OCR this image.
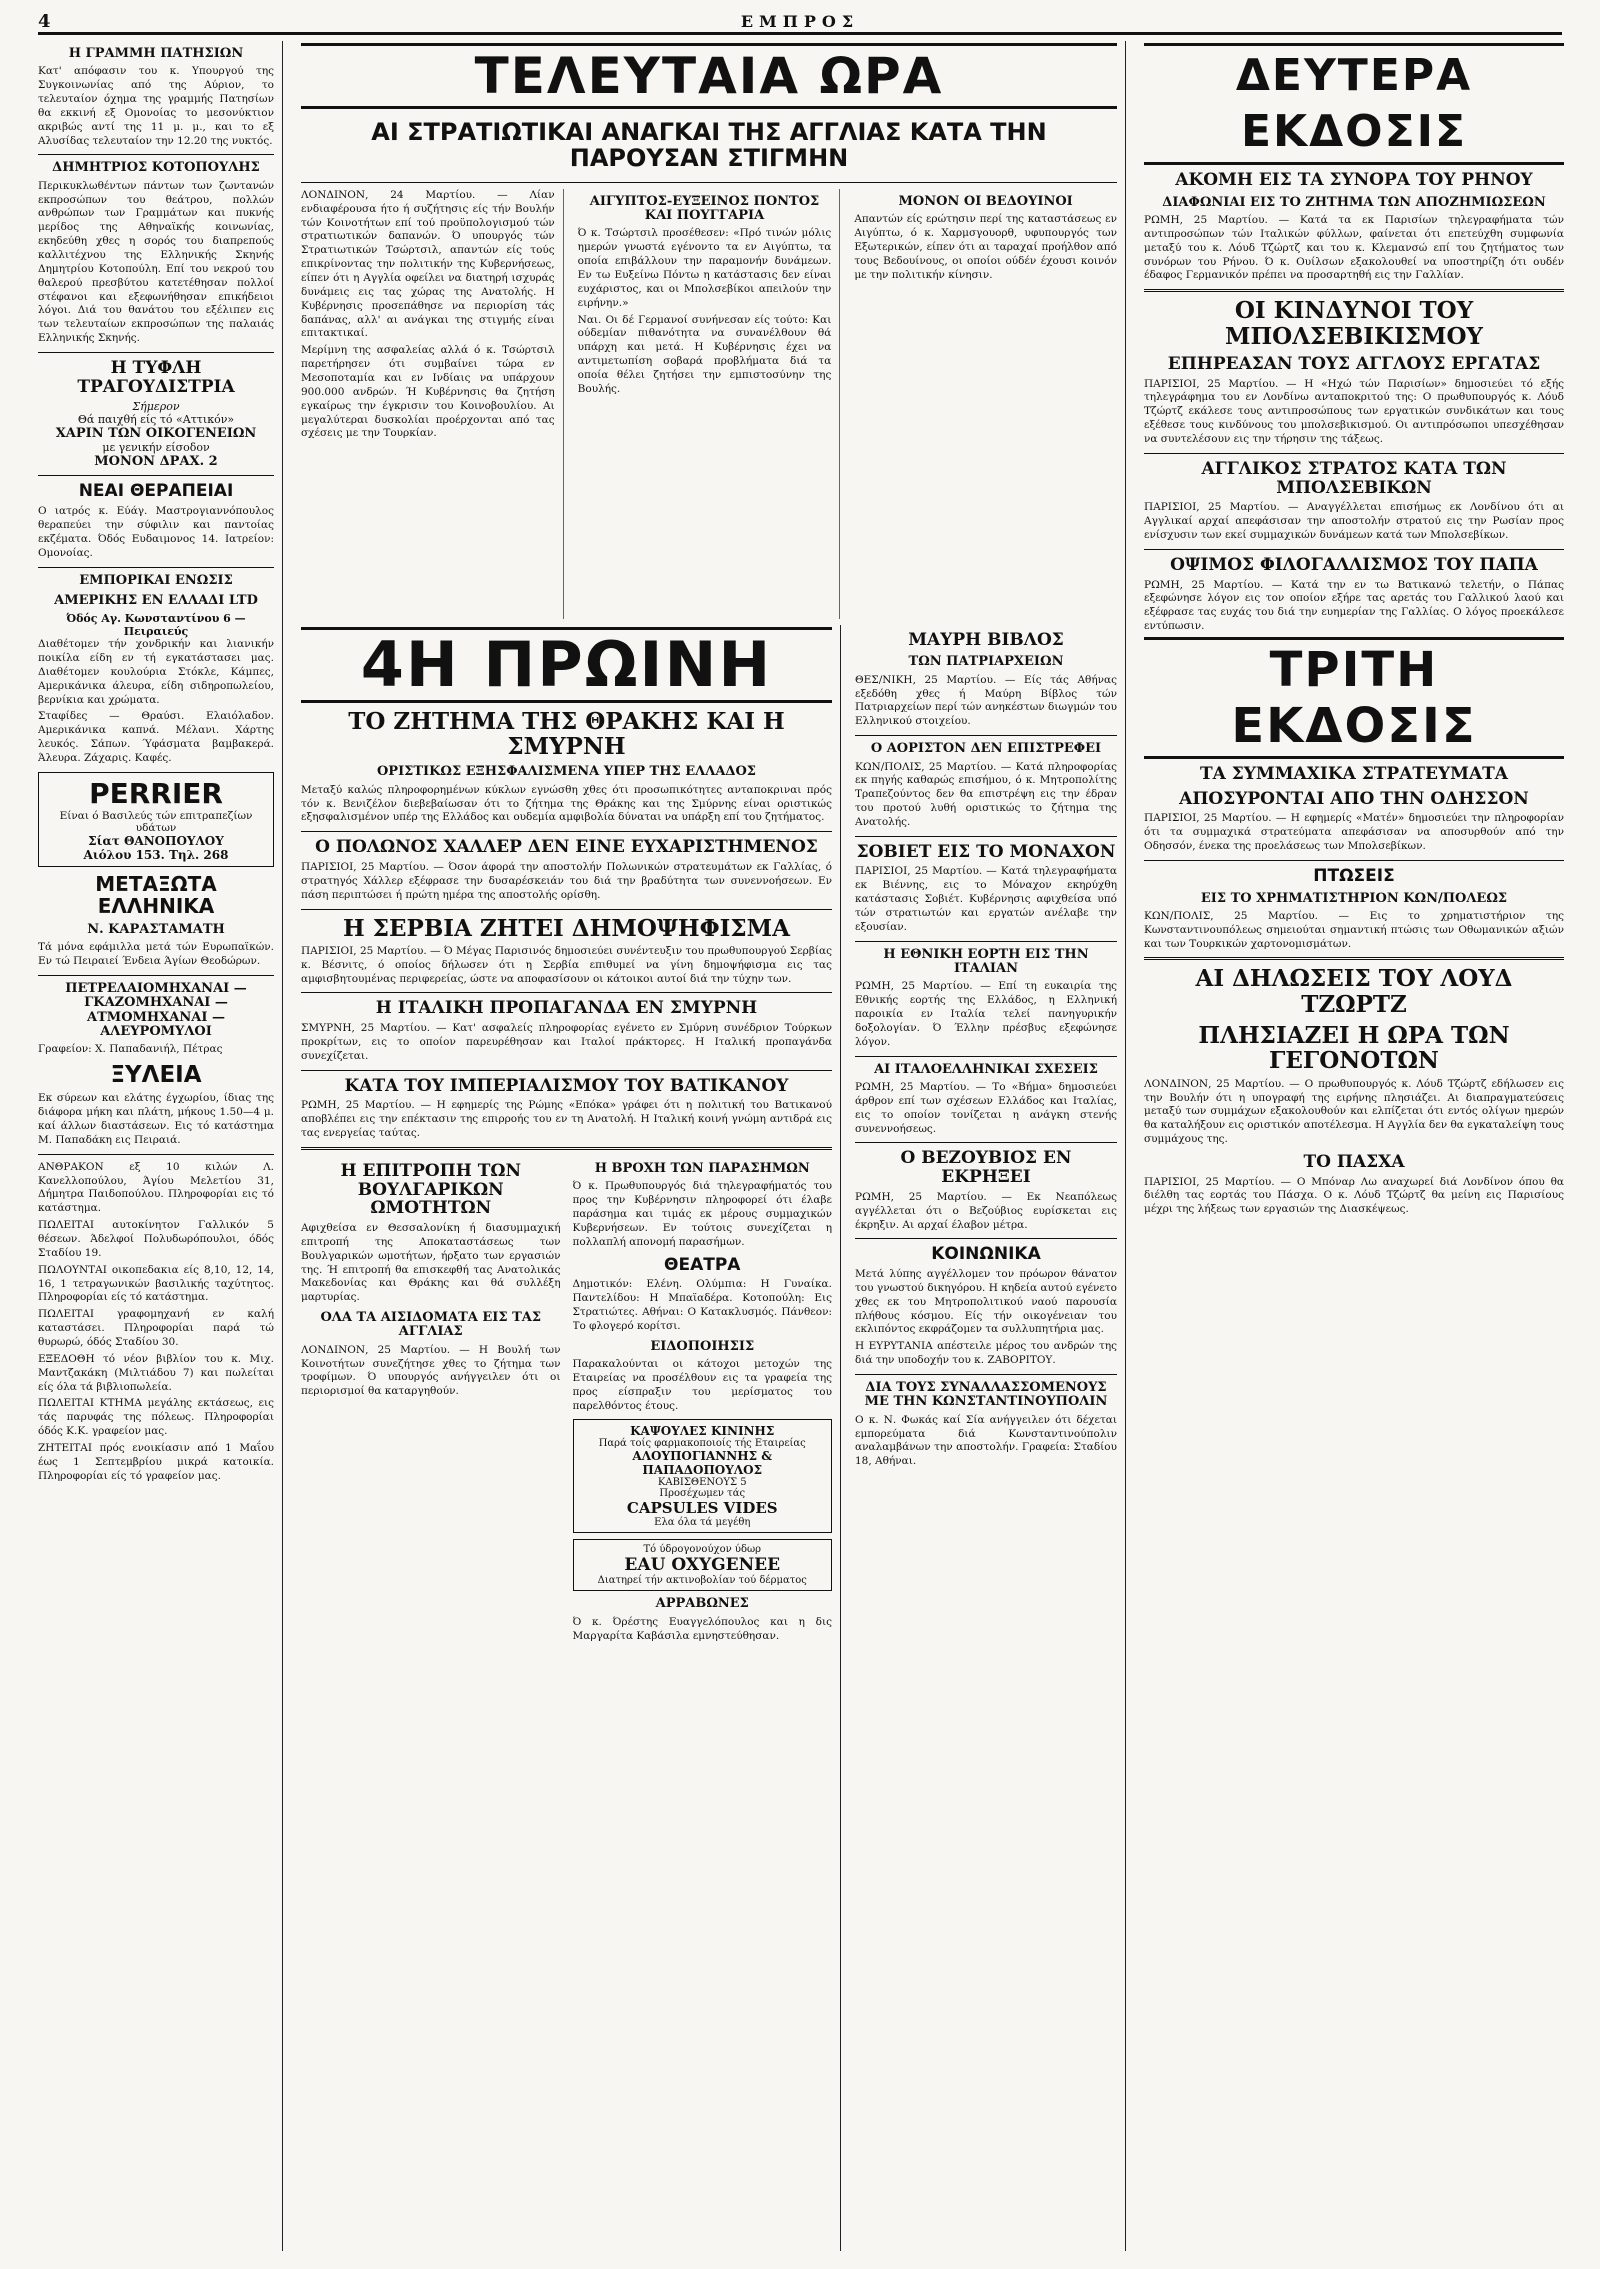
4	ΕΜΠΡΟΣ
Η ΓΡΑΜΜΗ ΠΑΤΗΣΙΩΝ

Κατ' απόφασιν του κ. Υπουργού της Συγκοινωνίας από της Αύριον, το τελευταίον όχημα της γραμμής Πατησίων θα εκκινή εξ Ομονοίας το μεσονύκτιον ακριβώς αντί της 11 μ. μ., και το εξ Αλυσίδας τελευταίον την 12.20 της νυκτός.

ΔΗΜΗΤΡΙΟΣ ΚΟΤΟΠΟΥΛΗΣ

Περικυκλωθέντων πάντων των ζωντανών εκπροσώπων του θεάτρου, πολλών ανθρώπων των Γραμμάτων και πυκνής μερίδος της Αθηναϊκής κοινωνίας, εκηδεύθη χθες η σορός του διαπρεπούς καλλιτέχνου της Ελληνικής Σκηνής Δημητρίου Κοτοπούλη. Επί του νεκρού του θαλερού πρεσβύτου κατετέθησαν πολλοί στέφανοι και εξεφωνήθησαν επικήδειοι λόγοι. Διά του θανάτου του εξέλιπεν εις των τελευταίων εκπροσώπων της παλαιάς Ελληνικής Σκηνής.

Η ΤΥΦΛΗ ΤΡΑΓΟΥΔΙΣΤΡΙΑ
Σήμερον
Θά παιχθή είς τό «Αττικόν»
ΧΑΡΙΝ ΤΩΝ ΟΙΚΟΓΕΝΕΙΩΝ
με γενικήν είσοδον
ΜΟΝΟΝ ΔΡΑΧ. 2
ΝΕΑΙ ΘΕΡΑΠΕΙΑΙ

Ο ιατρός κ. Εύάγ. Μαστρογιαννόπουλος θεραπεύει την σύφιλιν και παντοίας εκζέματα. Όδός Ευδαιμονος 14. Ιατρείον: Ομονοίας.

ΕΜΠΟΡΙΚΑΙ ΕΝΩΣΙΣ
ΑΜΕΡΙΚΗΣ ΕΝ ΕΛΛΑΔΙ LTD
Όδός Αγ. Κωνσταντίνου 6 — Πειραιεύς

Διαθέτομεν τήν χονδρικήν και λιανικήν ποικίλα είδη εν τή εγκατάστασει μας. Διαθέτομεν κουλούρια Στόκλε, Κάμπες, Αμερικάνικα άλευρα, είδη σιδηροπωλείου, βερνίκια και χρώματα.

Σταφίδες — Θραύσι. Ελαιόλαδον. Αμερικάνικα καπνά. Μέλανι. Χάρτης λευκός. Σάπων. Ύφάσματα βαμβακερά. Άλευρα. Ζάχαρις. Καφές.

PERRIER
Είναι ό Βασιλεύς τών επιτραπεζίων υδάτων
Σίατ ΘΑΝΟΠΟΥΛΟΥ
Αιόλου 153. Τηλ. 268
ΜΕΤΑΞΩΤΑ ΕΛΛΗΝΙΚΑ
Ν. ΚΑΡΑΣΤΑΜΑΤΗ

Τά μόνα εφάμιλλα μετά τών Ευρωπαϊκών. Εν τώ Πειραιεί Ένδεια Άγίων Θεοδώρων.

ΠΕΤΡΕΛΑΙΟΜΗΧΑΝΑΙ — ΓΚΑΖΟΜΗΧΑΝΑΙ — ΑΤΜΟΜΗΧΑΝΑΙ — ΑΛΕΥΡΟΜΥΛΟΙ

Γραφείον: Χ. Παπαδανιήλ, Πέτρας

ΞΥΛΕΙΑ

Εκ σύρεων και ελάτης έγχωρίου, ίδιας της διάφορα μήκη και πλάτη, μήκους 1.50—4 μ. καί άλλων διαστάσεων. Εις τό κατάστημα Μ. Παπαδάκη εις Πειραιά.

ΑΝΘΡΑΚΟΝ εξ 10 κιλών Λ. Κανελλοπούλου, Άγίου Μελετίου 31, Δήμητρα Παιδοπούλου. Πληροφορίαι εις τό κατάστημα.

ΠΩΛΕΙΤΑΙ αυτοκίνητον Γαλλικόν 5 θέσεων. Άδελφοί Πολυδωρόπουλοι, όδός Σταδίου 19.

ΠΩΛΟΥΝΤΑΙ οικοπεδακια είς 8,10, 12, 14, 16, 1 τετραγωνικών βασιλικής ταχύτητος. Πληροφορίαι είς τό κατάστημα.

ΠΩΛΕΙΤΑΙ γραφομηχανή εν καλή καταστάσει. Πληροφορίαι παρά τώ θυρωρώ, όδός Σταδίου 30.

ΕΞΕΔΟΘΗ τό νέον βιβλίον του κ. Μιχ. Μαντζακάκη (Μιλτιάδου 7) και πωλείται είς όλα τά βιβλιοπωλεία.

ΠΩΛΕΙΤΑΙ ΚΤΗΜΑ μεγάλης εκτάσεως, εις τάς παρυφάς της πόλεως. Πληροφορίαι όδός Κ.Κ. γραφείον μας.

ΖΗΤΕΙΤΑΙ πρός ενοικίασιν από 1 Μαΐου έως 1 Σεπτεμβρίου μικρά κατοικία. Πληροφορίαι είς τό γραφείον μας.

ΤΕΛΕΥΤΑΙΑ ΩΡΑ
ΑΙ ΣΤΡΑΤΙΩΤΙΚΑΙ ΑΝΑΓΚΑΙ ΤΗΣ ΑΓΓΛΙΑΣ ΚΑΤΑ ΤΗΝ ΠΑΡΟΥΣΑΝ ΣΤΙΓΜΗΝ

ΛΟΝΔΙΝΟΝ, 24 Μαρτίου. — Λίαν ενδιαφέρουσα ήτο ή συζήτησις είς τήν Βουλήν τών Κοινοτήτων επί τού προϋπολογισμού τών στρατιωτικών δαπανών. Ό υπουργός τών Στρατιωτικών Τσώρτσιλ, απαντών είς τούς επικρίνοντας την πολιτικήν της Κυβερνήσεως, είπεν ότι η Αγγλία οφείλει να διατηρή ισχυράς δυνάμεις εις τας χώρας της Ανατολής. Η Κυβέρνησις προσεπάθησε να περιορίση τάς δαπάνας, αλλ' αι ανάγκαι της στιγμής είναι επιτακτικαί.

Μερίμνη της ασφαλείας αλλά ό κ. Τσώρτσιλ παρετήρησεν ότι συμβαίνει τώρα εν Μεσοποταμία και εν Ινδίαις να υπάρχουν 900.000 ανδρών. Ή Κυβέρνησις θα ζητήση εγκαίρως την έγκρισιν του Κοινοβουλίου. Αι μεγαλύτεραι δυσκολίαι προέρχονται από τας σχέσεις με την Τουρκίαν.

ΑΙΓΥΠΤΟΣ-ΕΥΞΕΙΝΟΣ ΠΟΝΤΟΣ ΚΑΙ ΠΟΥΓΓΑΡΙΑ

Ό κ. Τσώρτσιλ προσέθεσεν: «Πρό τινών μόλις ημερών γνωστά εγένοντο τα εν Αιγύπτω, τα οποία επιβάλλουν την παραμονήν δυνάμεων. Εν τω Ευξείνω Πόντω η κατάστασις δεν είναι ευχάριστος, και οι Μπολσεβίκοι απειλούν την ειρήνην.»

Ναι. Οι δέ Γερμανοί συνήνεσαν είς τούτο: Και ούδεμίαν πιθανότητα να συνανέλθουν θά υπάρχη και μετά. Η Κυβέρνησις έχει να αντιμετωπίση σοβαρά προβλήματα διά τα οποία θέλει ζητήσει την εμπιστοσύνην της Βουλής.

ΜΟΝΟΝ ΟΙ ΒΕΔΟΥΙΝΟΙ

Απαντών είς ερώτησιν περί της καταστάσεως εν Αιγύπτω, ό κ. Χαρμσγουορθ, υφυπουργός των Εξωτερικών, είπεν ότι αι ταραχαί προήλθον από τους Βεδουίνους, οι οποίοι ούδέν έχουσι κοινόν με την πολιτικήν κίνησιν.

4Η ΠΡΩΙΝΗ
ΤΟ ΖΗΤΗΜΑ ΤΗΣ ΘΡΑΚΗΣ ΚΑΙ Η ΣΜΥΡΝΗ
ΟΡΙΣΤΙΚΩΣ ΕΞΗΣΦΑΛΙΣΜΕΝΑ ΥΠΕΡ ΤΗΣ ΕΛΛΑΔΟΣ

Μεταξύ καλώς πληροφορημένων κύκλων εγνώσθη χθες ότι προσωπικότητες ανταποκριναι πρός τόν κ. Βενιζέλον διεβεβαίωσαν ότι το ζήτημα της Θράκης και της Σμύρνης είναι οριστικώς εξησφαλισμένον υπέρ της Ελλάδος και ουδεμία αμφιβολία δύναται να υπάρξη επί του ζητήματος.

Ο ΠΟΛΩΝΟΣ ΧΑΛΛΕΡ ΔΕΝ ΕΙΝΕ ΕΥΧΑΡΙΣΤΗΜΕΝΟΣ

ΠΑΡΙΣΙΟΙ, 25 Μαρτίου. — Όσον άφορά την αποστολήν Πολωνικών στρατευμάτων εκ Γαλλίας, ό στρατηγός Χάλλερ εξέφρασε την δυσαρέσκειάν του διά την βραδύτητα των συνεννοήσεων. Εν πάση περιπτώσει ή πρώτη ημέρα της αποστολής ορίσθη.

Η ΣΕΡΒΙΑ ΖΗΤΕΙ ΔΗΜΟΨΗΦΙΣΜΑ

ΠΑΡΙΣΙΟΙ, 25 Μαρτίου. — Ό Μέγας Παρισινός δημοσιεύει συνέντευξιν του πρωθυπουργού Σερβίας κ. Βέσνιτς, ό οποίος δήλωσεν ότι η Σερβία επιθυμεί να γίνη δημοψήφισμα εις τας αμφισβητουμένας περιφερείας, ώστε να αποφασίσουν οι κάτοικοι αυτοί διά την τύχην των.

Η ΙΤΑΛΙΚΗ ΠΡΟΠΑΓΑΝΔΑ ΕΝ ΣΜΥΡΝΗ

ΣΜΥΡΝΗ, 25 Μαρτίου. — Κατ' ασφαλείς πληροφορίας εγένετο εν Σμύρνη συνέδριον Τούρκων προκρίτων, εις το οποίον παρευρέθησαν και Ιταλοί πράκτορες. Η Ιταλική προπαγάνδα συνεχίζεται.

ΚΑΤΑ ΤΟΥ ΙΜΠΕΡΙΑΛΙΣΜΟΥ ΤΟΥ ΒΑΤΙΚΑΝΟΥ

ΡΩΜΗ, 25 Μαρτίου. — Η εφημερίς της Ρώμης «Επόκα» γράφει ότι η πολιτική του Βατικανού αποβλέπει εις την επέκτασιν της επιρροής του εν τη Ανατολή. Η Ιταλική κοινή γνώμη αντιδρά εις τας ενεργείας ταύτας.

Η ΕΠΙΤΡΟΠΗ ΤΩΝ ΒΟΥΛΓΑΡΙΚΩΝ ΩΜΟΤΗΤΩΝ

Αφιχθείσα εν Θεσσαλονίκη ή διασυμμαχική επιτροπή της Αποκαταστάσεως των Βουλγαρικών ωμοτήτων, ήρξατο των εργασιών της. Ή επιτροπή θα επισκεφθή τας Ανατολικάς Μακεδονίας και Θράκης και θά συλλέξη μαρτυρίας.

ΟΛΑ ΤΑ ΑΙΣΙΔΟΜΑΤΑ ΕΙΣ ΤΑΣ ΑΓΓΛΙΑΣ

ΛΟΝΔΙΝΟΝ, 25 Μαρτίου. — Η Βουλή των Κοινοτήτων συνεζήτησε χθες το ζήτημα των τροφίμων. Ό υπουργός ανήγγειλεν ότι οι περιορισμοί θα καταργηθούν.

Η ΒΡΟΧΗ ΤΩΝ ΠΑΡΑΣΗΜΩΝ

Ό κ. Πρωθυπουργός διά τηλεγραφήματός του προς την Κυβέρνησιν πληροφορεί ότι έλαβε παράσημα και τιμάς εκ μέρους συμμαχικών Κυβερνήσεων. Εν τούτοις συνεχίζεται η πολλαπλή απονομή παρασήμων.

ΘΕΑΤΡΑ

Δημοτικόν: Ελένη. Ολύμπια: Η Γυναίκα. Παντελίδου: Η Μπαϊαδέρα. Κοτοπούλη: Εις Στρατιώτες. Αθήναι: Ο Κατακλυσμός. Πάνθεον: Το φλογερό κορίτσι.

ΕΙΔΟΠΟΙΗΣΙΣ

Παρακαλούνται οι κάτοχοι μετοχών της Εταιρείας να προσέλθουν εις τα γραφεία της προς είσπραξιν του μερίσματος του παρελθόντος έτους.

ΚΑΨΟΥΛΕΣ ΚΙΝΙΝΗΣ
Παρά τοίς φαρμακοποιοίς τής Εταιρείας
ΑΛΟΥΠΟΓΙΑΝΝΗΣ & ΠΑΠΑΔΟΠΟΥΛΟΣ
ΚΑΒΙΣΘΕΝΟΥΣ 5
Προσέχωμεν τάς
CAPSULES VIDES
Ελα όλα τά μεγέθη
Τό ύδρογονούχον ύδωρ
EAU OXYGENEE
Διατηρεί τήν ακτινοβολίαν τού δέρματος
ΑΡΡΑΒΩΝΕΣ

Ό κ. Όρέστης Ευαγγελόπουλος και η δις Μαργαρίτα Καβάσιλα εμνηστεύθησαν.

ΜΑΥΡΗ ΒΙΒΛΟΣ
ΤΩΝ ΠΑΤΡΙΑΡΧΕΙΩΝ

ΘΕΣ/ΝΙΚΗ, 25 Μαρτίου. — Είς τάς Αθήνας εξεδόθη χθες ή Μαύρη Βίβλος τών Πατριαρχείων περί τών ανηκέστων διωγμών του Ελληνικού στοιχείου.

Ο ΑΟΡΙΣΤΟΝ ΔΕΝ ΕΠΙΣΤΡΕΦΕΙ

ΚΩΝ/ΠΟΛΙΣ, 25 Μαρτίου. — Κατά πληροφορίας εκ πηγής καθαρώς επισήμου, ό κ. Μητροπολίτης Τραπεζούντος δεν θα επιστρέψη εις την έδραν του προτού λυθή οριστικώς το ζήτημα της Ανατολής.

ΣΟΒΙΕΤ ΕΙΣ ΤΟ ΜΟΝΑΧΟΝ

ΠΑΡΙΣΙΟΙ, 25 Μαρτίου. — Κατά τηλεγραφήματα εκ Βιέννης, εις το Μόναχον εκηρύχθη κατάστασις Σοβιέτ. Κυβέρνησις αφιχθείσα υπό τών στρατιωτών και εργατών ανέλαβε την εξουσίαν.

Η ΕΘΝΙΚΗ ΕΟΡΤΗ ΕΙΣ ΤΗΝ ΙΤΑΛΙΑΝ

ΡΩΜΗ, 25 Μαρτίου. — Επί τη ευκαιρία της Εθνικής εορτής της Ελλάδος, η Ελληνική παροικία εν Ιταλία τελεί πανηγυρικήν δοξολογίαν. Ό Έλλην πρέσβυς εξεφώνησε λόγον.

ΑΙ ΙΤΑΛΟΕΛΛΗΝΙΚΑΙ ΣΧΕΣΕΙΣ

ΡΩΜΗ, 25 Μαρτίου. — Το «Βήμα» δημοσιεύει άρθρον επί των σχέσεων Ελλάδος και Ιταλίας, εις το οποίον τονίζεται η ανάγκη στενής συνεννοήσεως.

Ο ΒΕΖΟΥΒΙΟΣ ΕΝ ΕΚΡΗΞΕΙ

ΡΩΜΗ, 25 Μαρτίου. — Εκ Νεαπόλεως αγγέλλεται ότι ο Βεζούβιος ευρίσκεται εις έκρηξιν. Αι αρχαί έλαβον μέτρα.

ΚΟΙΝΩΝΙΚΑ

Μετά λύπης αγγέλλομεν τον πρόωρον θάνατον του γνωστού δικηγόρου. Η κηδεία αυτού εγένετο χθες εκ του Μητροπολιτικού ναού παρουσία πλήθους κόσμου. Είς τήν οικογένειαν του εκλιπόντος εκφράζομεν τα συλλυπητήρια μας.

Η ΕΥΡΥΤΑΝΙΑ απέστειλε μέρος του ανδρών της διά την υποδοχήν του κ. ΖΑΒΟΡΙΤΟΥ.

ΔΙΑ ΤΟΥΣ ΣΥΝΑΛΛΑΣΣΟΜΕΝΟΥΣ ΜΕ ΤΗΝ ΚΩΝΣΤΑΝΤΙΝΟΥΠΟΛΙΝ

Ο κ. Ν. Φωκάς καί Σία ανήγγειλεν ότι δέχεται εμπορεύματα διά Κωνσταντινούπολιν αναλαμβάνων την αποστολήν. Γραφεία: Σταδίου 18, Αθήναι.

ΔΕΥΤΕΡΑ ΕΚΔΟΣΙΣ
ΑΚΟΜΗ ΕΙΣ ΤΑ ΣΥΝΟΡΑ ΤΟΥ ΡΗΝΟΥ
ΔΙΑΦΩΝΙΑΙ ΕΙΣ ΤΟ ΖΗΤΗΜΑ ΤΩΝ ΑΠΟΖΗΜΙΩΣΕΩΝ

ΡΩΜΗ, 25 Μαρτίου. — Κατά τα εκ Παρισίων τηλεγραφήματα τών αντιπροσώπων τών Ιταλικών φύλλων, φαίνεται ότι επετεύχθη συμφωνία μεταξύ του κ. Λόυδ Τζώρτζ και του κ. Κλεμανσώ επί του ζητήματος των συνόρων του Ρήνου. Ό κ. Ουίλσων εξακολουθεί να υποστηρίζη ότι ουδέν έδαφος Γερμανικόν πρέπει να προσαρτηθή εις την Γαλλίαν.

ΟΙ ΚΙΝΔΥΝΟΙ ΤΟΥ ΜΠΟΛΣΕΒΙΚΙΣΜΟΥ
ΕΠΗΡΕΑΣΑΝ ΤΟΥΣ ΑΓΓΛΟΥΣ ΕΡΓΑΤΑΣ

ΠΑΡΙΣΙΟΙ, 25 Μαρτίου. — Η «Ηχώ τών Παρισίων» δημοσιεύει τό εξής τηλεγράφημα του εν Λονδίνω ανταποκριτού της: Ο πρωθυπουργός κ. Λόυδ Τζώρτζ εκάλεσε τους αντιπροσώπους των εργατικών συνδικάτων και τους εξέθεσε τους κινδύνους του μπολσεβικισμού. Οι αντιπρόσωποι υπεσχέθησαν να συντελέσουν εις την τήρησιν της τάξεως.

ΑΓΓΛΙΚΟΣ ΣΤΡΑΤΟΣ ΚΑΤΑ ΤΩΝ ΜΠΟΛΣΕΒΙΚΩΝ

ΠΑΡΙΣΙΟΙ, 25 Μαρτίου. — Αναγγέλλεται επισήμως εκ Λονδίνου ότι αι Αγγλικαί αρχαί απεφάσισαν την αποστολήν στρατού εις την Ρωσίαν προς ενίσχυσιν των εκεί συμμαχικών δυνάμεων κατά των Μπολσεβίκων.

ΟΨΙΜΟΣ ΦΙΛΟΓΑΛΛΙΣΜΟΣ ΤΟΥ ΠΑΠΑ

ΡΩΜΗ, 25 Μαρτίου. — Κατά την εν τω Βατικανώ τελετήν, ο Πάπας εξεφώνησε λόγον εις τον οποίον εξήρε τας αρετάς του Γαλλικού λαού και εξέφρασε τας ευχάς του διά την ευημερίαν της Γαλλίας. Ο λόγος προεκάλεσε εντύπωσιν.

ΤΡΙΤΗ ΕΚΔΟΣΙΣ
ΤΑ ΣΥΜΜΑΧΙΚΑ ΣΤΡΑΤΕΥΜΑΤΑ
ΑΠΟΣΥΡΟΝΤΑΙ ΑΠΟ ΤΗΝ ΟΔΗΣΣΟΝ

ΠΑΡΙΣΙΟΙ, 25 Μαρτίου. — Η εφημερίς «Ματέν» δημοσιεύει την πληροφορίαν ότι τα συμμαχικά στρατεύματα απεφάσισαν να αποσυρθούν από την Οδησσόν, ένεκα της προελάσεως των Μπολσεβίκων.

ΠΤΩΣΕΙΣ
ΕΙΣ ΤΟ ΧΡΗΜΑΤΙΣΤΗΡΙΟΝ ΚΩΝ/ΠΟΛΕΩΣ

ΚΩΝ/ΠΟΛΙΣ, 25 Μαρτίου. — Εις το χρηματιστήριον της Κωνσταντινουπόλεως σημειούται σημαντική πτώσις των Οθωμανικών αξιών και των Τουρκικών χαρτονομισμάτων.

ΑΙ ΔΗΛΩΣΕΙΣ ΤΟΥ ΛΟΥΔ ΤΖΩΡΤΖ
ΠΛΗΣΙΑΖΕΙ Η ΩΡΑ ΤΩΝ ΓΕΓΟΝΟΤΩΝ

ΛΟΝΔΙΝΟΝ, 25 Μαρτίου. — Ο πρωθυπουργός κ. Λόυδ Τζώρτζ εδήλωσεν εις την Βουλήν ότι η υπογραφή της ειρήνης πλησιάζει. Αι διαπραγματεύσεις μεταξύ των συμμάχων εξακολουθούν και ελπίζεται ότι εντός ολίγων ημερών θα καταλήξουν εις οριστικόν αποτέλεσμα. Η Αγγλία δεν θα εγκαταλείψη τους συμμάχους της.

ΤΟ ΠΑΣΧΑ

ΠΑΡΙΣΙΟΙ, 25 Μαρτίου. — Ο Μπόναρ Λω αναχωρεί διά Λονδίνον όπου θα διέλθη τας εορτάς του Πάσχα. Ο κ. Λόυδ Τζώρτζ θα μείνη εις Παρισίους μέχρι της λήξεως των εργασιών της Διασκέψεως.
